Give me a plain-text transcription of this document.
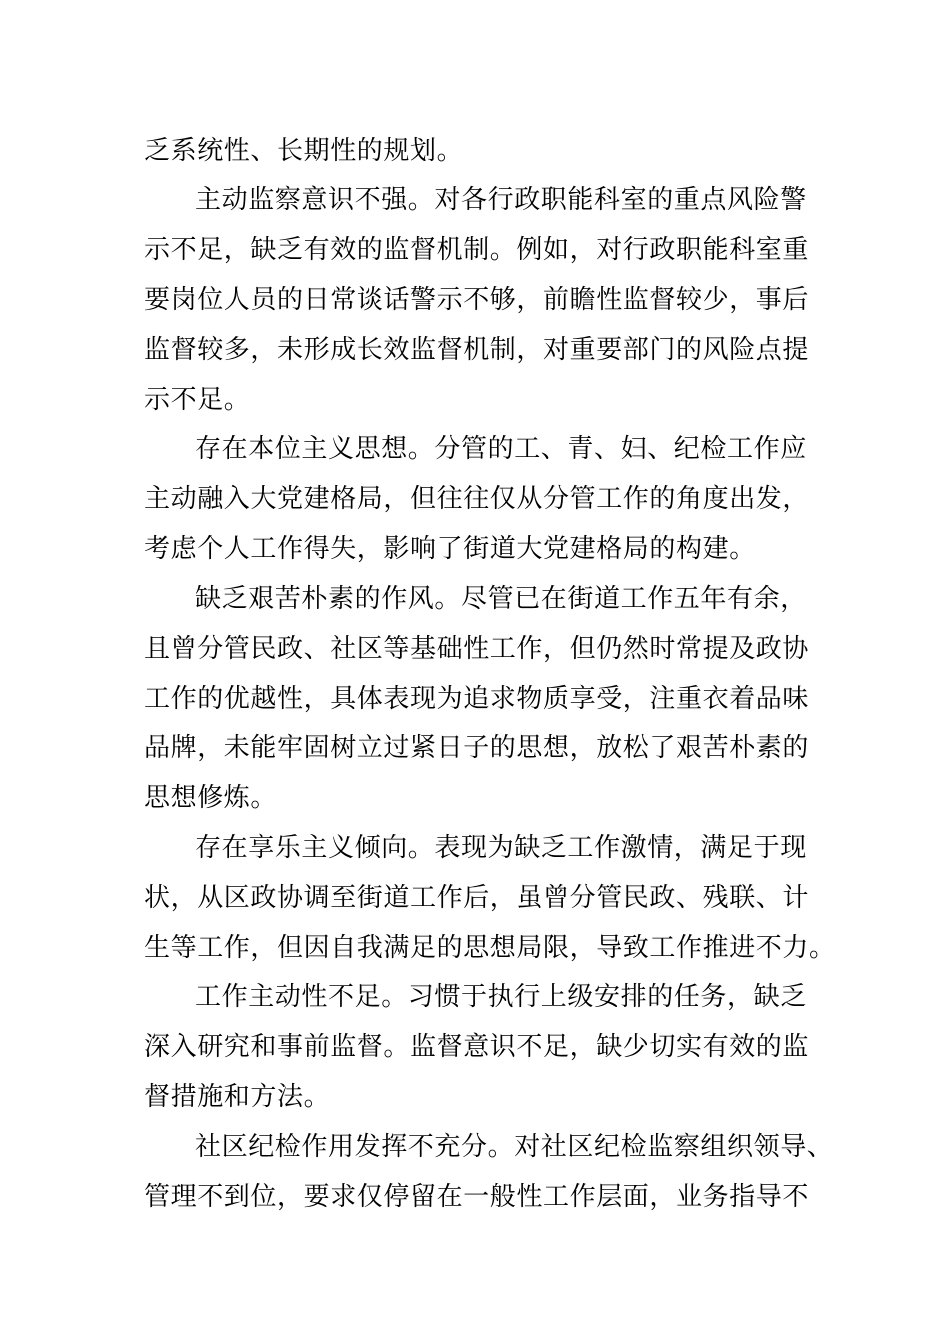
乏系统性、长期性的规划。
主动监察意识不强。对各行政职能科室的重点风险警
示不足，缺乏有效的监督机制。例如，对行政职能科室重
要岗位人员的日常谈话警示不够，前瞻性监督较少，事后
监督较多，未形成长效监督机制，对重要部门的风险点提
示不足。
存在本位主义思想。分管的工、青、妇、纪检工作应
主动融入大党建格局，但往往仅从分管工作的角度出发，
考虑个人工作得失，影响了街道大党建格局的构建。
缺乏艰苦朴素的作风。尽管已在街道工作五年有余，
且曾分管民政、社区等基础性工作，但仍然时常提及政协
工作的优越性，具体表现为追求物质享受，注重衣着品味
品牌，未能牢固树立过紧日子的思想，放松了艰苦朴素的
思想修炼。
存在享乐主义倾向。表现为缺乏工作激情，满足于现
状，从区政协调至街道工作后，虽曾分管民政、残联、计
生等工作，但因自我满足的思想局限，导致工作推进不力。
工作主动性不足。习惯于执行上级安排的任务，缺乏
深入研究和事前监督。监督意识不足，缺少切实有效的监
督措施和方法。
社区纪检作用发挥不充分。对社区纪检监察组织领导、
管理不到位，要求仅停留在一般性工作层面，业务指导不
